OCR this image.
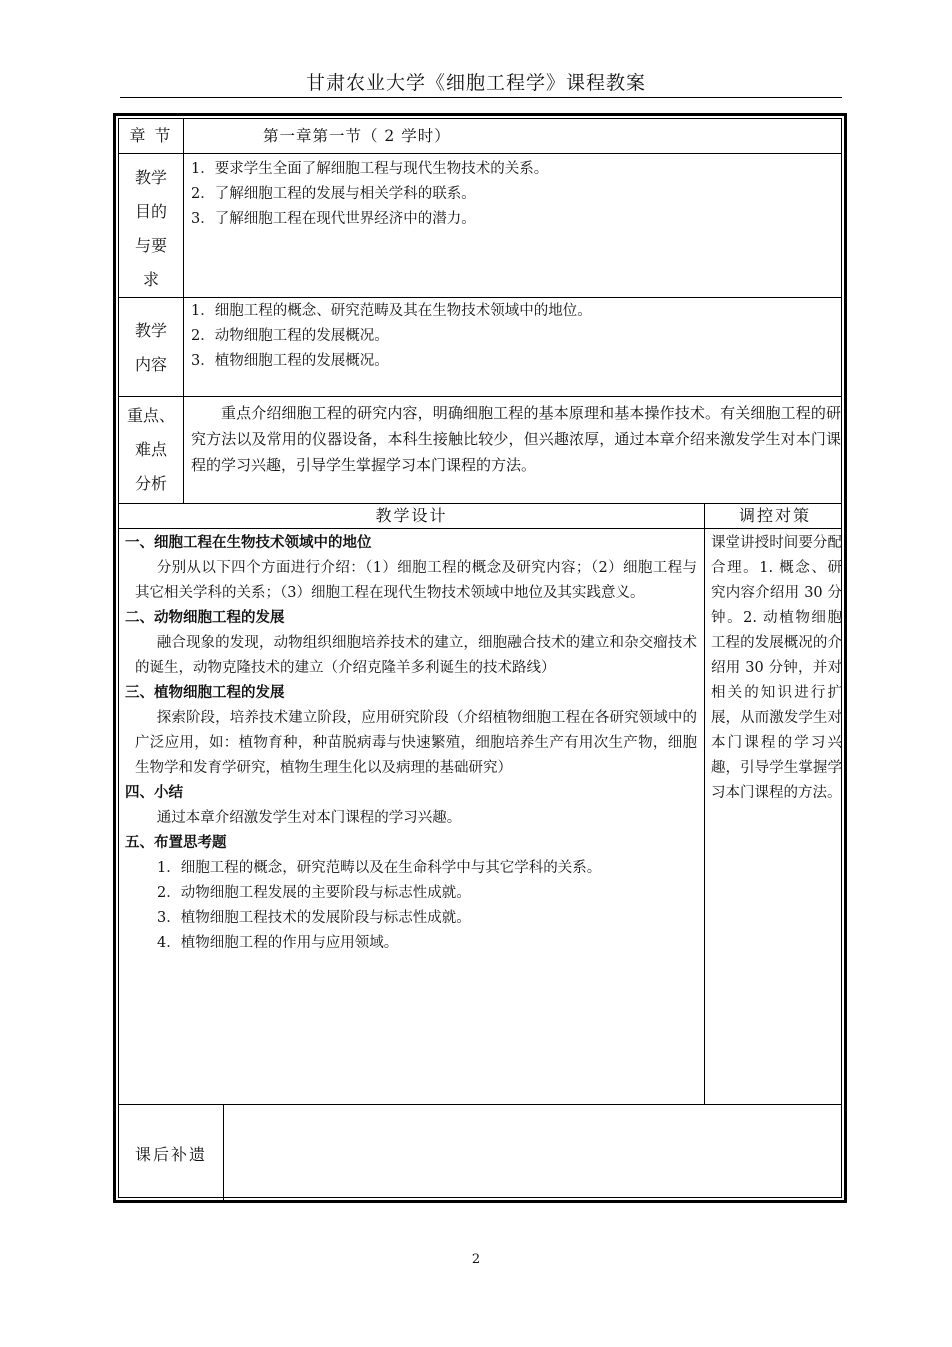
甘肃农业大学《细胞工程学》课程教案
章 节	第一章第一节（ 2 学时）
教学
目的
与要
求
1．要求学生全面了解细胞工程与现代生物技术的关系。
2．了解细胞工程的发展与相关学科的联系。
3．了解细胞工程在现代世界经济中的潜力。
教学
内容
1．细胞工程的概念、研究范畴及其在生物技术领域中的地位。
2．动物细胞工程的发展概况。
3．植物细胞工程的发展概况。
重点、
难点
分析
重点介绍细胞工程的研究内容，明确细胞工程的基本原理和基本操作技术。有关细胞工程的研究方法以及常用的仪器设备，本科生接触比较少，但兴趣浓厚，通过本章介绍来激发学生对本门课程的学习兴趣，引导学生掌握学习本门课程的方法。
教学设计	调控对策
一、细胞工程在生物技术领域中的地位
分别从以下四个方面进行介绍：（1）细胞工程的概念及研究内容；（2）细胞工程与其它相关学科的关系；（3）细胞工程在现代生物技术领域中地位及其实践意义。
二、动物细胞工程的发展
融合现象的发现，动物组织细胞培养技术的建立，细胞融合技术的建立和杂交瘤技术的诞生，动物克隆技术的建立（介绍克隆羊多利诞生的技术路线）
三、植物细胞工程的发展
探索阶段，培养技术建立阶段，应用研究阶段（介绍植物细胞工程在各研究领域中的广泛应用，如：植物育种，种苗脱病毒与快速繁殖，细胞培养生产有用次生产物，细胞生物学和发育学研究，植物生理生化以及病理的基础研究）
四、小结
通过本章介绍激发学生对本门课程的学习兴趣。
五、布置思考题
1．细胞工程的概念，研究范畴以及在生命科学中与其它学科的关系。
2．动物细胞工程发展的主要阶段与标志性成就。
3．植物细胞工程技术的发展阶段与标志性成就。
4．植物细胞工程的作用与应用领域。
课堂讲授时间要分配合理。1. 概念、研究内容介绍用 30 分钟。2. 动植物细胞工程的发展概况的介绍用 30 分钟，并对相关的知识进行扩展，从而激发学生对本门课程的学习兴趣，引导学生掌握学习本门课程的方法。
课后补遗
2
